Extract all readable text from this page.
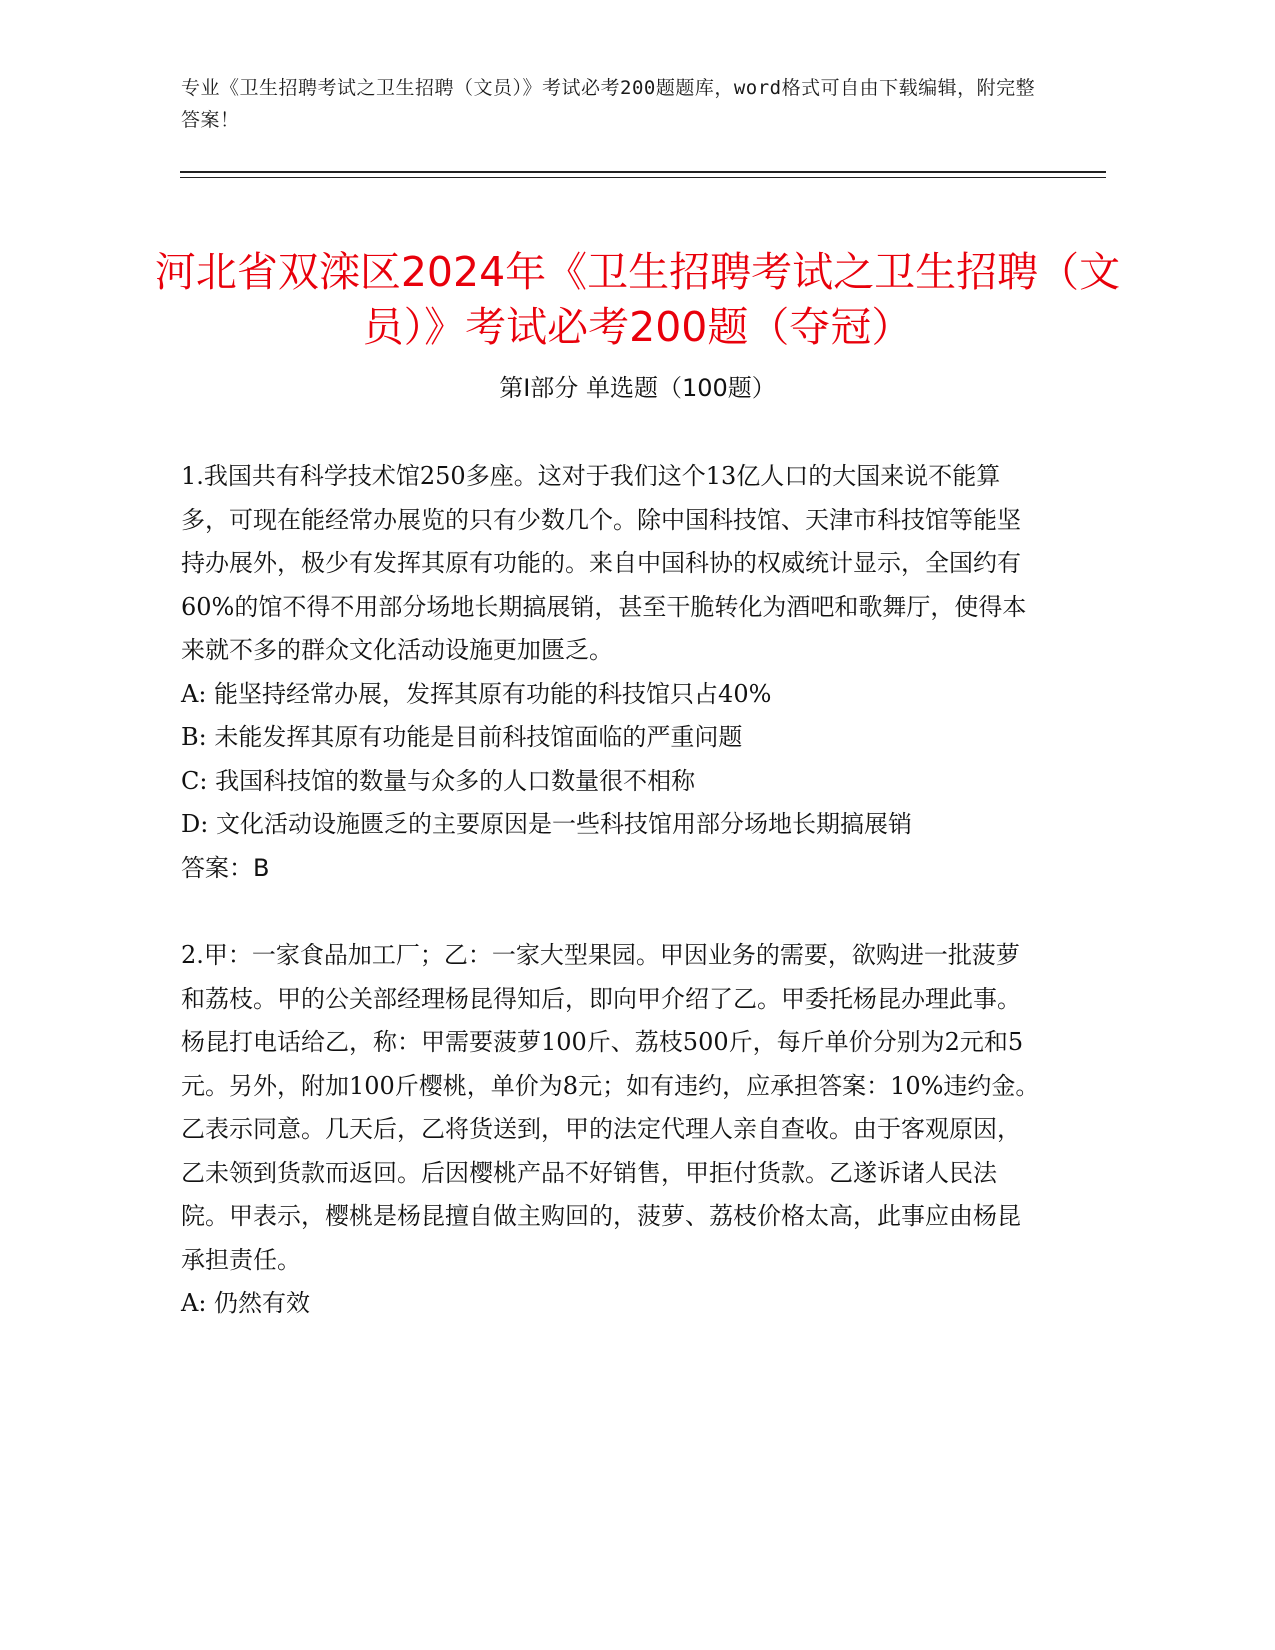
专业《卫生招聘考试之卫生招聘（文员）》考试必考200题题库，word格式可自由下载编辑，附完整答案！
河北省双滦区2024年《卫生招聘考试之卫生招聘（文员）》考试必考200题（夺冠）
第I部分 单选题（100题）

1.我国共有科学技术馆250多座。这对于我们这个13亿人口的大国来说不能算多，可现在能经常办展览的只有少数几个。除中国科技馆、天津市科技馆等能坚持办展外，极少有发挥其原有功能的。来自中国科协的权威统计显示，全国约有60%的馆不得不用部分场地长期搞展销，甚至干脆转化为酒吧和歌舞厅，使得本来就不多的群众文化活动设施更加匮乏。

A: 能坚持经常办展，发挥其原有功能的科技馆只占40%

B: 未能发挥其原有功能是目前科技馆面临的严重问题

C: 我国科技馆的数量与众多的人口数量很不相称

D: 文化活动设施匮乏的主要原因是一些科技馆用部分场地长期搞展销

答案：B

2.甲：一家食品加工厂；乙：一家大型果园。甲因业务的需要，欲购进一批菠萝和荔枝。甲的公关部经理杨昆得知后，即向甲介绍了乙。甲委托杨昆办理此事。杨昆打电话给乙，称：甲需要菠萝100斤、荔枝500斤，每斤单价分别为2元和5元。另外，附加100斤樱桃，单价为8元；如有违约，应承担答案：10%违约金。乙表示同意。几天后，乙将货送到，甲的法定代理人亲自查收。由于客观原因，乙未领到货款而返回。后因樱桃产品不好销售，甲拒付货款。乙遂诉诸人民法院。甲表示，樱桃是杨昆擅自做主购回的，菠萝、荔枝价格太高，此事应由杨昆承担责任。

A: 仍然有效
